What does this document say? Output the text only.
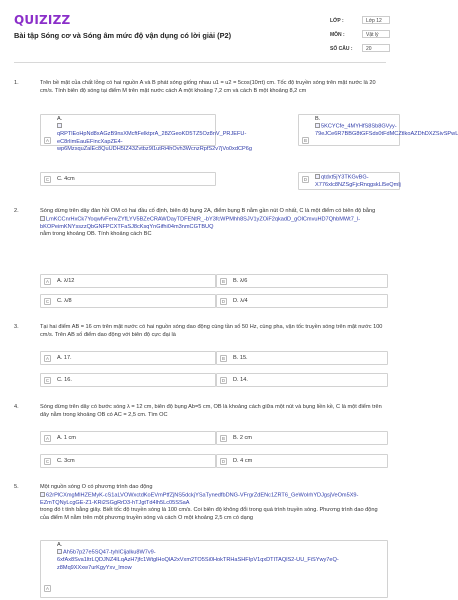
QUIZIZZ
Bài tập Sóng cơ và Sóng âm mức độ vận dụng có lời giải (P2)
LỚP :	Lớp 12
MÔN :	Vật lý
SỐ CÂU :	20
1.	Trên bề mặt của chất lỏng có hai nguồn A và B phát sóng giống nhau u1 = u2 = 5cos(10πt) cm. Tốc độ truyền sóng trên mặt nước là 20 cm/s. Tính biên độ sóng tại điểm M trên mặt nước cách A một khoảng 7,2 cm và cách B một khoảng 8,2 cm
A
A.
qRPTlEoHpNd8xAGzB9nsXMcftFelktprA_28ZGeoKD5TZ5Oz8nV_PRJEFU-eC8rlimEauEFincXapZE4-wp6MzsquZalEc8QuUDH5IZ43Zvtbz9l1utRi4hOvh3WcnzRpfS2v7jVo0xdCP6g
B
B.
5KCYCfe_4MYHfS8Sb8GVyy-79eJCe6R7BBG8tGFSds0tFdMCZtlkoAZDhDXZSivSPwL
C	C. 4cm	D	qtdxt5jY3TKGvBG-X776xlc8NZSgFjcRnqgskLl5eQmlj
2.	Sóng dừng trên dây đàn hồi OM có hai đầu cố định, biên độ bụng 2A, điểm bụng B nằm gần nút O nhất, C là một điểm có biên độ bằng
LmKCCnrHxCk7YoqwfvFenvZYfLYV5BZeCRAWDayTDFENtR_-bY3fcWPMhh8SJV1yZOiF2qkadD_gOlCmvuHD7QhbMWt7_l-bKOPeimKNYsszzQbGNFPCXTFaSJ8cKsqYnGifhi04m3nmCGTBUQ
nằm trong khoảng OB. Tính khoảng cách BC
A	A. λ/12	B	B. λ/6
C	C. λ/8	D	D. λ/4
3.	Tại hai điểm AB = 16 cm trên mặt nước có hai nguồn sóng dao động cùng tần số 50 Hz, cùng pha, vận tốc truyền sóng trên mặt nước 100 cm/s. Trên AB số điểm dao động với biên độ cực đại là
A	A. 17.	B	B. 15.
C	C. 16.	D	D. 14.
4.	Sóng dừng trên dây có bước sóng λ = 12 cm, biên độ bụng Ab=5 cm, OB là khoảng cách giữa một nút và bụng liền kề, C là một điểm trên dây nằm trong khoảng OB có AC = 2,5 cm. Tìm OC
A	A. 1 cm	B	B. 2 cm
C	C. 3cm	D	D. 4 cm
5.	Một nguồn sóng O có phương trình dao động
62rPlCXmgMlHZEMyK-cS1aLVOWxctdKoEVmPtfZjNS5dckjYSaTynedfbDNG-VFrgrZdENc1ZRT6_GeWoIrhYDJgsjVeOm5X9-EZmTQNyLcgGE-Z1-KRi2SGgRrD3-hTJgtTd4lh5Lc05SSaA
trong đó t tính bằng giây. Biết tốc độ truyền sóng là 100 cm/s. Coi biên độ không đổi trong quá trình truyền sóng. Phương trình dao động của điểm M nằm trên một phương truyền sóng và cách O một khoảng 2,5 cm có dạng
A
A.
Ah5b7p27e5SQ47-tyhlCijalku8W7v9-6xfAx8Sva1ltrLQDJNZ4lLqAzH7jfc1WtglHoQlA2xVxm2TO5Si0HokTRHaSHFIpV1qxDTITAQlS2-UU_FiSYwy7eQ-z8Mq9XXxw7urKgyYxv_Imow
